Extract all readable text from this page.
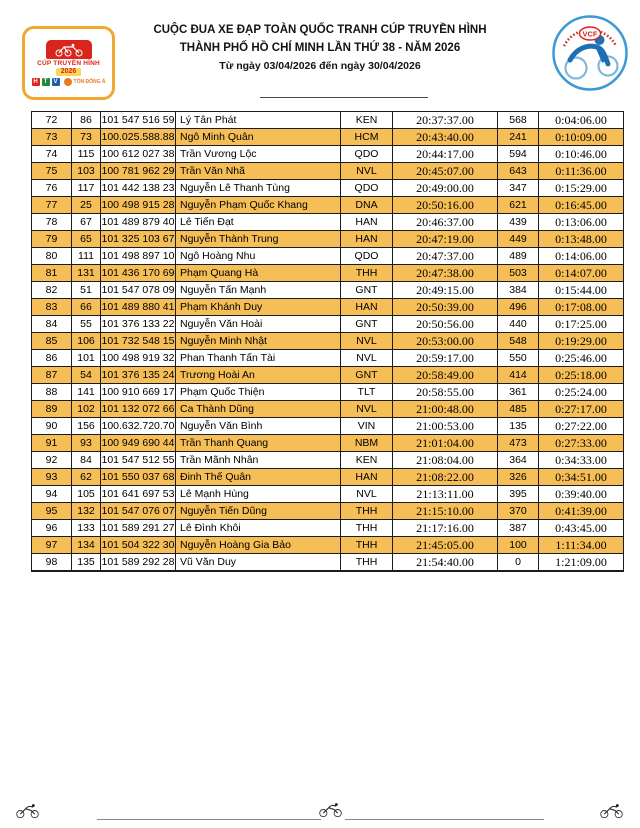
CÚP TRUYỀN HÌNH
2026
H T	V	TÔN ĐÔNG Á
CUỘC ĐUA XE ĐẠP TOÀN QUỐC TRANH CÚP TRUYỀN HÌNH
THÀNH PHỐ HỒ CHÍ MINH LẦN THỨ 38 - NĂM 2026
Từ ngày 03/04/2026 đến ngày 30/04/2026
VCF
72	86	101 547 516 59	Lý Tân Phát	KEN	20:37:37.00	568	0:04:06.00
73	73	100.025.588.88	Ngô Minh Quân	HCM	20:43:40.00	241	0:10:09.00
74	115	100 612 027 38	Trần Vương Lộc	QDO	20:44:17.00	594	0:10:46.00
75	103	100 781 962 29	Trần Văn Nhã	NVL	20:45:07.00	643	0:11:36.00
76	117	101 442 138 23	Nguyễn Lê Thanh Tùng	QDO	20:49:00.00	347	0:15:29.00
77	25	100 498 915 28	Nguyễn Phạm Quốc Khang	DNA	20:50:16.00	621	0:16:45.00
78	67	101 489 879 40	Lê Tiến Đạt	HAN	20:46:37.00	439	0:13:06.00
79	65	101 325 103 67	Nguyễn Thành Trung	HAN	20:47:19.00	449	0:13:48.00
80	111	101 498 897 10	Ngô Hoàng Nhu	QDO	20:47:37.00	489	0:14:06.00
81	131	101 436 170 69	Phạm Quang Hà	THH	20:47:38.00	503	0:14:07.00
82	51	101 547 078 09	Nguyễn Tấn Mạnh	GNT	20:49:15.00	384	0:15:44.00
83	66	101 489 880 41	Phạm Khánh Duy	HAN	20:50:39.00	496	0:17:08.00
84	55	101 376 133 22	Nguyễn Văn Hoài	GNT	20:50:56.00	440	0:17:25.00
85	106	101 732 548 15	Nguyễn Minh Nhật	NVL	20:53:00.00	548	0:19:29.00
86	101	100 498 919 32	Phan Thanh Tấn Tài	NVL	20:59:17.00	550	0:25:46.00
87	54	101 376 135 24	Trương Hoài An	GNT	20:58:49.00	414	0:25:18.00
88	141	100 910 669 17	Phạm Quốc Thiện	TLT	20:58:55.00	361	0:25:24.00
89	102	101 132 072 66	Ca Thành Dũng	NVL	21:00:48.00	485	0:27:17.00
90	156	100.632.720.70	Nguyễn Văn Bình	VIN	21:00:53.00	135	0:27:22.00
91	93	100 949 690 44	Trần Thanh Quang	NBM	21:01:04.00	473	0:27:33.00
92	84	101 547 512 55	Trần Mãnh Nhân	KEN	21:08:04.00	364	0:34:33.00
93	62	101 550 037 68	Đinh Thế Quân	HAN	21:08:22.00	326	0:34:51.00
94	105	101 641 697 53	Lê Mạnh Hùng	NVL	21:13:11.00	395	0:39:40.00
95	132	101 547 076 07	Nguyễn Tiến Dũng	THH	21:15:10.00	370	0:41:39.00
96	133	101 589 291 27	Lê Đình Khôi	THH	21:17:16.00	387	0:43:45.00
97	134	101 504 322 30	Nguyễn Hoàng Gia Bảo	THH	21:45:05.00	100	1:11:34.00
98	135	101 589 292 28	Vũ Văn Duy	THH	21:54:40.00	0	1:21:09.00
